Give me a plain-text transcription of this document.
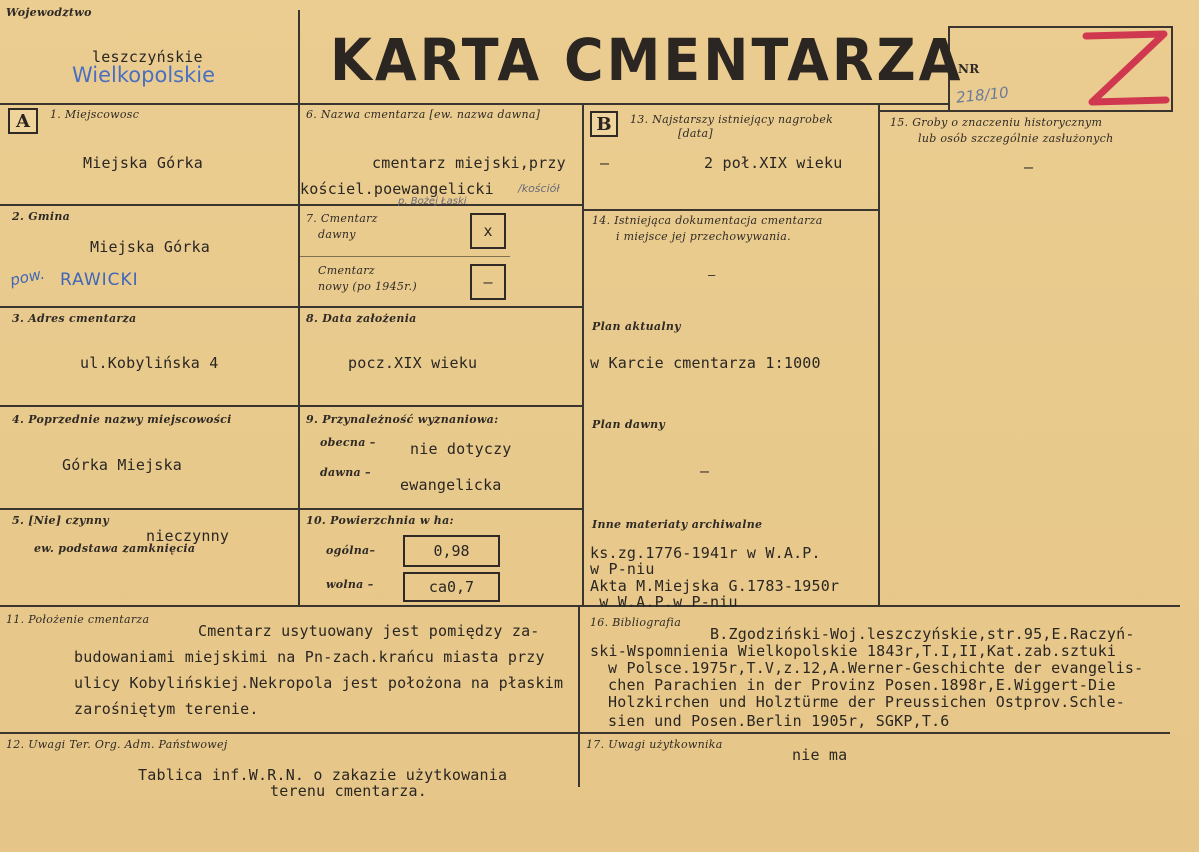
Wojewodztwo
leszczyńskie
Wielkopolskie KARTA CMENTARZA
NR
218/10
A	1. Miejscowosc
Miejska Górka
2. Gmina
Miejska Górka
pow. RAWICKI
3. Adres cmentarza
ul.Kobylińska 4
4. Poprzednie nazwy miejscowości
Górka Miejska
5. [Nie] czynny
ew. podstawa zamknięcia
nieczynny
6. Nazwa cmentarza [ew. nazwa dawna]
cmentarz miejski,przy
kościel.poewangelicki /kościół
p. Bożej Łaski
7. Cmentarz
dawny	x
Cmentarz
nowy (po 1945r.)	–
8. Data założenia
pocz.XIX wieku
9. Przynależność wyznaniowa:
obecna – nie dotyczy
dawna –
ewangelicka
10. Powierzchnia w ha:
ogólna–	0,98
wolna –	ca0,7
B	13. Najstarszy istniejący nagrobek
[data]
–	2 poł.XIX wieku
14. Istniejąca dokumentacja cmentarza
i miejsce jej przechowywania.
–
Plan aktualny
w Karcie cmentarza 1:1000
Plan dawny
—
Inne materiaty archiwalne
ks.zg.1776-1941r w W.A.P.
w P-niu
Akta M.Miejska G.1783-1950r
w W.A.P.w P-niu
15. Groby o znaczeniu historycznym
lub osób szczególnie zasłużonych
–
11. Położenie cmentarza
Cmentarz usytuowany jest pomiędzy za-
budowaniami miejskimi na Pn-zach.krańcu miasta przy
ulicy Kobylińskiej.Nekropola jest położona na płaskim
zarośniętym terenie.
16. Bibliografia
B.Zgodziński-Woj.leszczyńskie,str.95,E.Raczyń-
ski-Wspomnienia Wielkopolskie 1843r,T.I,II,Kat.zab.sztuki
w Polsce.1975r,T.V,z.12,A.Werner-Geschichte der evangelis-
chen Parachien in der Provinz Posen.1898r,E.Wiggert-Die
Holzkirchen und Holztürme der Preussichen Ostprov.Schle-
sien und Posen.Berlin 1905r, SGKP,T.6
12. Uwagi Ter. Org. Adm. Państwowej
Tablica inf.W.R.N. o zakazie użytkowania
terenu cmentarza.
17. Uwagi użytkownika
nie ma
